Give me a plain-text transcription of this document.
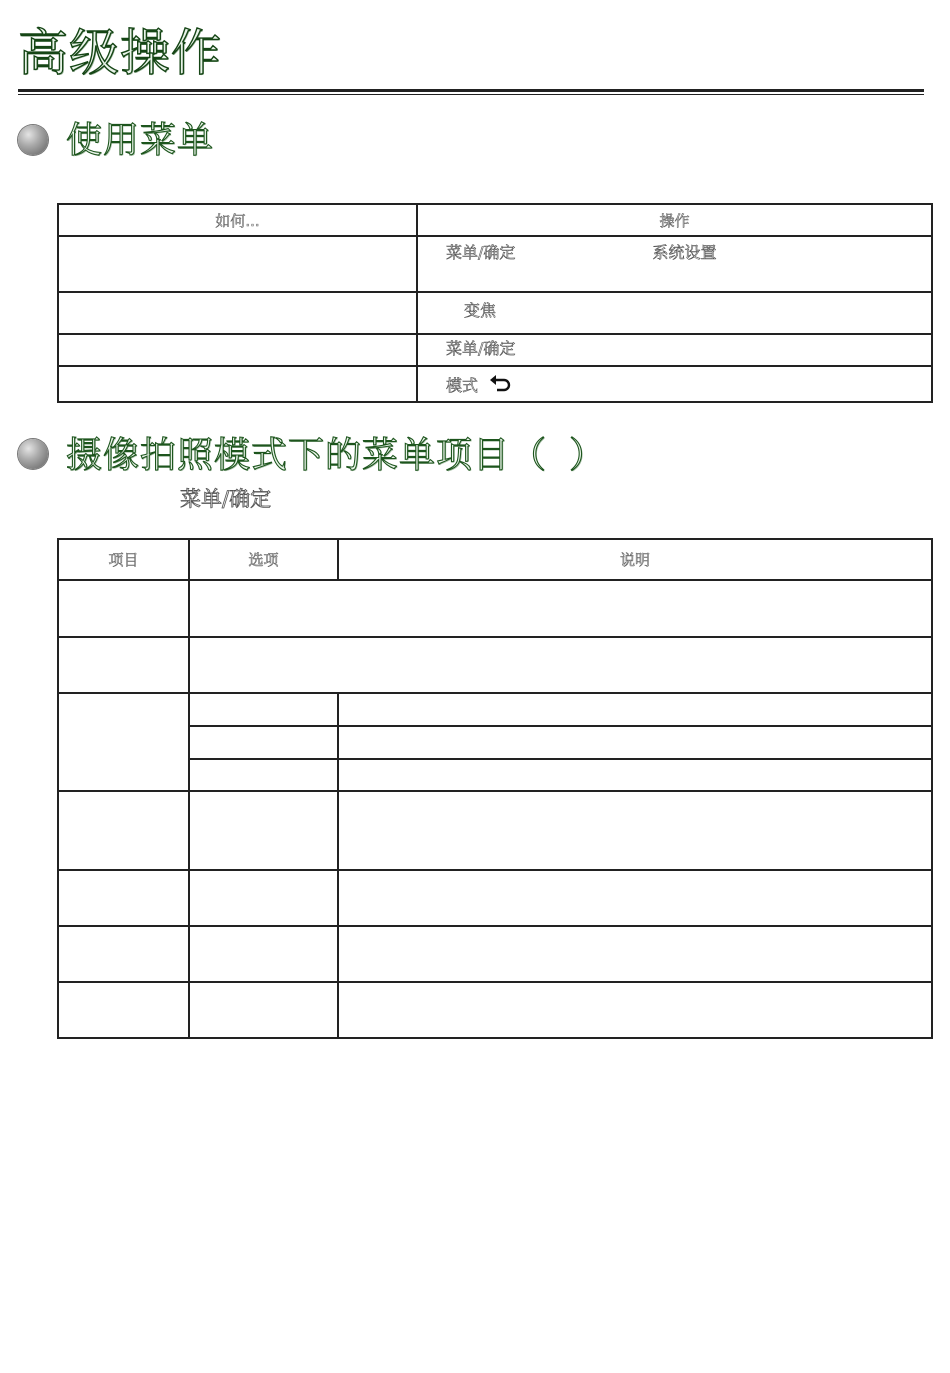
高级操作
使用菜单
如何...	操作
	菜单/确定 系统设置
	变焦
	菜单/确定
	模式
摄像拍照模式下的菜单项目（ ）
菜单/确定
项目	选项	说明
